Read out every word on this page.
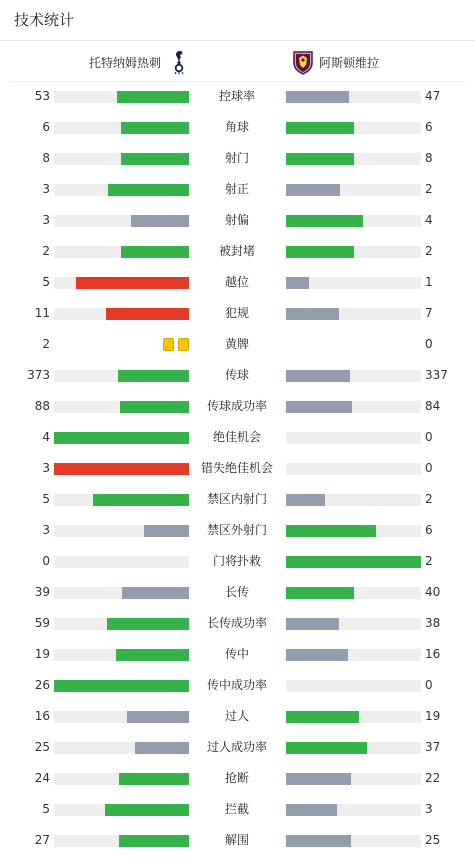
技术统计
托特纳姆热刺	阿斯顿维拉
53	控球率	47
6	角球	6
8	射门	8
3	射正	2
3	射偏	4
2	被封堵	2
5	越位	1
11	犯规	7
2	黄牌	0
373	传球	337
88	传球成功率	84
4	绝佳机会	0
3	错失绝佳机会	0
5	禁区内射门	2
3	禁区外射门	6
0	门将扑救	2
39	长传	40
59	长传成功率	38
19	传中	16
26	传中成功率	0
16	过人	19
25	过人成功率	37
24	抢断	22
5	拦截	3
27	解围	25
